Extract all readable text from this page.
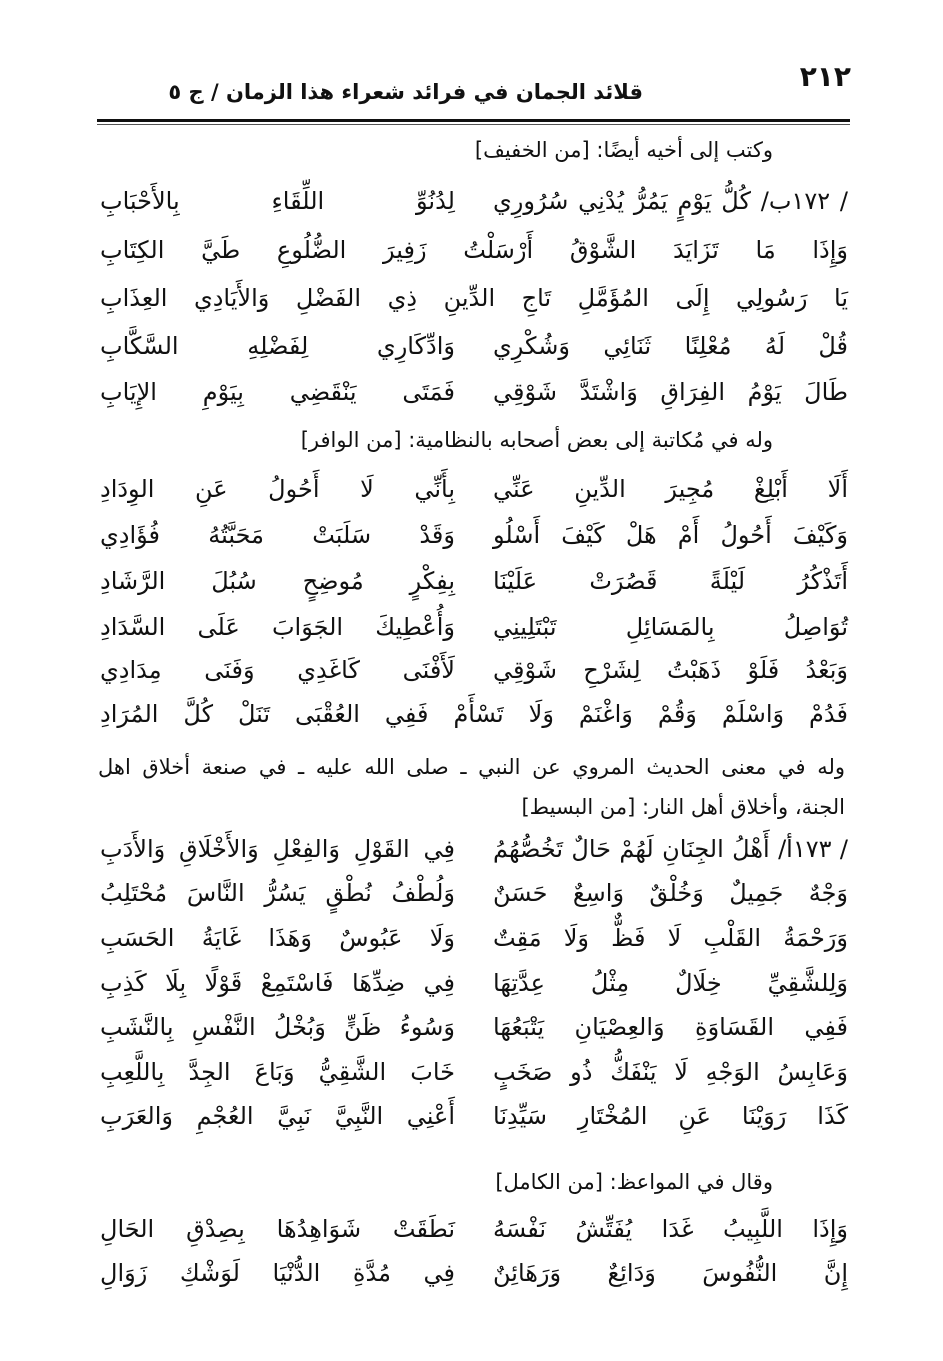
٢١٢
قلائد الجمان في فرائد شعراء هذا الزمان / ج ٥
وكتب إلى أخيه أيضًا: [من الخفيف]
/ ١٧٢ب/ كُلُّ يَوْمٍ يَمُرُّ يُدْنِي سُرُورِي
لِدُنُوِّ اللِّقَاءِ بِالأَحْبَابِ
وَإِذَا مَا تَزَايَدَ الشَّوْقُ أَرْسَلْتُ زَفِيرَ الضُّلُوعِ طَيَّ الكِتَابِ
يَا رَسُولِي إِلَى المُؤَمَّلِ تَاجِ الدِّينِ ذِي الفَضْلِ وَالأَيَادِي العِذَابِ
قُلْ لَهُ مُعْلِنًا ثَنَائِي وَشُكْرِي
وَادِّكَارِي لِفَضْلِهِ السَّكَّابِ
طَالَ يَوْمُ الفِرَاقِ وَاشْتَدَّ شَوْقِي
فَمَتَى يَنْقَضِي بِيَوْمِ الإِيَابِ
وله في مُكاتبة إلى بعض أصحابه بالنظامية: [من الوافر]
أَلَا أَبْلِغْ مُجِيرَ الدِّينِ عَنِّي
بِأَنِّي لَا أَحُولُ عَنِ الوِدَادِ
وَكَيْفَ أَحُولُ أَمْ هَلْ كَيْفَ أَسْلُو
وَقَدْ سَلَبَتْ مَحَبَّتُهُ فُؤَادِي
أَتَذْكُرُ لَيْلَةً قَصُرَتْ عَلَيْنَا
بِفِكْرٍ مُوضِحٍ سُبُلَ الرَّشَادِ
تُوَاصِلُ بِالمَسَائِلِ تَبْتَلِينِي
وَأُعْطِيكَ الجَوَابَ عَلَى السَّدَادِ
وَبَعْدُ فَلَوْ ذَهَبْتُ لِشَرْحِ شَوْقِي
لَأَفْنَى كَاغَدِي وَفَنَى مِدَادِي
فَدُمْ وَاسْلَمْ وَقُمْ وَاغْنَمْ وَلَا تَسْأَمْ فَفِي العُقْبَى تَنَلْ كُلَّ المُرَادِ
وله في معنى الحديث المروي عن النبي ـ صلى الله عليه ـ في صنعة أخلاق اهل
الجنة، وأخلاق أهل النار: [من البسيط]
/ ١٧٣أ/ أَهْلُ الجِنَانِ لَهُمْ حَالٌ تَخُصُّهُمُ
فِي القَوْلِ وَالفِعْلِ وَالأَخْلَاقِ وَالأَدَبِ
وَجْهٌ جَمِيلٌ وَخُلْقٌ وَاسِعٌ حَسَنٌ
وَلُطْفُ نُطْقٍ يَسُرُّ النَّاسَ مُحْتَلِبُ
وَرَحْمَةُ القَلْبِ لَا فَظٌّ وَلَا مَقِتٌ
وَلَا عَبُوسٌ وَهَذَا غَايَةُ الحَسَبِ
وَلِلشَّقِيِّ خِلَالٌ مِثْلُ عِدَّتِهَا
فِي ضِدِّهَا فَاسْتَمِعْ قَوْلًا بِلَا كَذِبِ
فَفِي القَسَاوَةِ وَالعِصْيَانِ يَتْبَعُهَا
وَسُوءُ ظَنٍّ وَبُخْلُ النَّفْسِ بِالنَّشَبِ
وَعَابِسُ الوَجْهِ لَا يَنْفَكُّ ذُو صَخَبٍ
خَابَ الشَّقِيُّ وَبَاعَ الجِدَّ بِاللَّعِبِ
كَذَا رَوَيْنَا عَنِ المُخْتَارِ سَيِّدِنَا
أَعْنِي النَّبِيَّ نَبِيَّ العُجْمِ وَالعَرَبِ
وقال في المواعظ: [من الكامل]
وَإِذَا اللَّبِيبُ غَدَا يُفَتِّشُ نَفْسَهُ
نَطَقَتْ شَوَاهِدُهَا بِصِدْقِ الحَالِ
إِنَّ النُّفُوسَ وَدَائِعٌ وَرَهَائِنٌ
فِي مُدَّةِ الدُّنْيَا لَوَشْكِ زَوَالِ
